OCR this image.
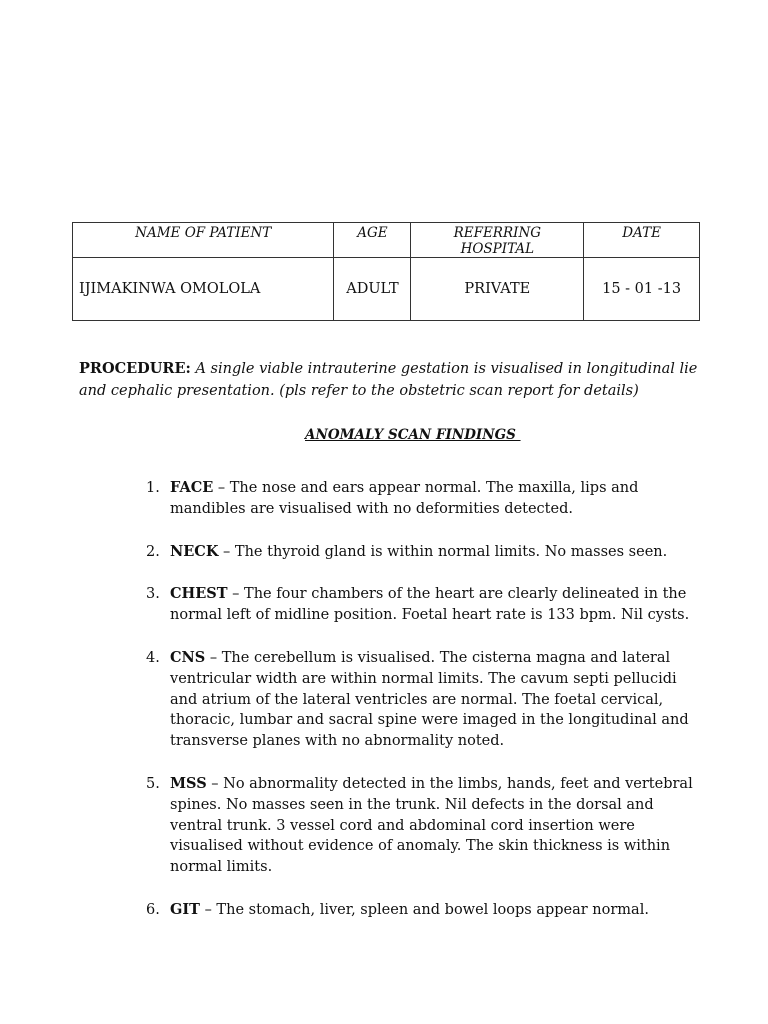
NAME OF PATIENT	AGE	REFERRING HOSPITAL	DATE
IJIMAKINWA OMOLOLA	ADULT	PRIVATE	15 - 01 -13

PROCEDURE: A single viable intrauterine gestation is visualised in longitudinal lie and cephalic presentation. (pls refer to the obstetric scan report for details)

ANOMALY SCAN FINDINGS
1. FACE – The nose and ears appear normal. The maxilla, lips and mandibles are visualised with no deformities detected.
2. NECK – The thyroid gland is within normal limits. No masses seen.
3. CHEST – The four chambers of the heart are clearly delineated in the normal left of midline position. Foetal heart rate is 133 bpm. Nil cysts.
4. CNS – The cerebellum is visualised. The cisterna magna and lateral ventricular width are within normal limits. The cavum septi pellucidi and atrium of the lateral ventricles are normal. The foetal cervical, thoracic, lumbar and sacral spine were imaged in the longitudinal and transverse planes with no abnormality noted.
5. MSS – No abnormality detected in the limbs, hands, feet and vertebral spines. No masses seen in the trunk. Nil defects in the dorsal and ventral trunk. 3 vessel cord and abdominal cord insertion were visualised without evidence of anomaly. The skin thickness is within normal limits.
6. GIT – The stomach, liver, spleen and bowel loops appear normal.
